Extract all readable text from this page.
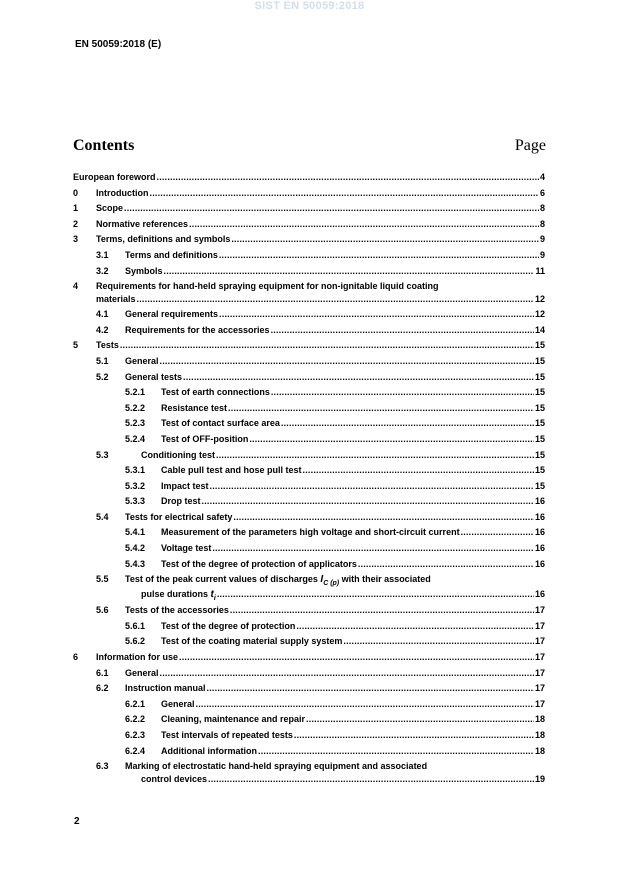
SIST EN 50059:2018
EN 50059:2018 (E)
Contents	Page
European foreword .....	4
0 Introduction .....	6
1 Scope .....	8
2 Normative references .....	8
3 Terms, definitions and symbols .....	9
3.1 Terms and definitions .....	9
3.2 Symbols .....	11
4 Requirements for hand-held spraying equipment for non-ignitable liquid coating
materials .....	12
4.1 General requirements .....	12
4.2 Requirements for the accessories .....	14
5 Tests .....	15
5.1 General .....	15
5.2 General tests .....	15
5.2.1 Test of earth connections .....	15
5.2.2 Resistance test .....	15
5.2.3 Test of contact surface area .....	15
5.2.4 Test of OFF-position .....	15
5.3	Conditioning test .....	15
5.3.1 Cable pull test and hose pull test .....	15
5.3.2 Impact test .....	15
5.3.3 Drop test .....	16
5.4 Tests for electrical safety .....	16
5.4.1 Measurement of the parameters high voltage and short-circuit current .....	16
5.4.2 Voltage test .....	16
5.4.3 Test of the degree of protection of applicators .....	16
5.5 Test of the peak current values of discharges $I_{C (p)}$ with their associated
pulse durations $t_i$ .....	16
5.6 Tests of the accessories .....	17
5.6.1 Test of the degree of protection .....	17
5.6.2 Test of the coating material supply system .....	17
6 Information for use .....	17
6.1 General .....	17
6.2 Instruction manual .....	17
6.2.1 General .....	17
6.2.2 Cleaning, maintenance and repair .....	18
6.2.3 Test intervals of repeated tests .....	18
6.2.4 Additional information .....	18
6.3 Marking of electrostatic hand-held spraying equipment and associated
control devices .....	19
2
